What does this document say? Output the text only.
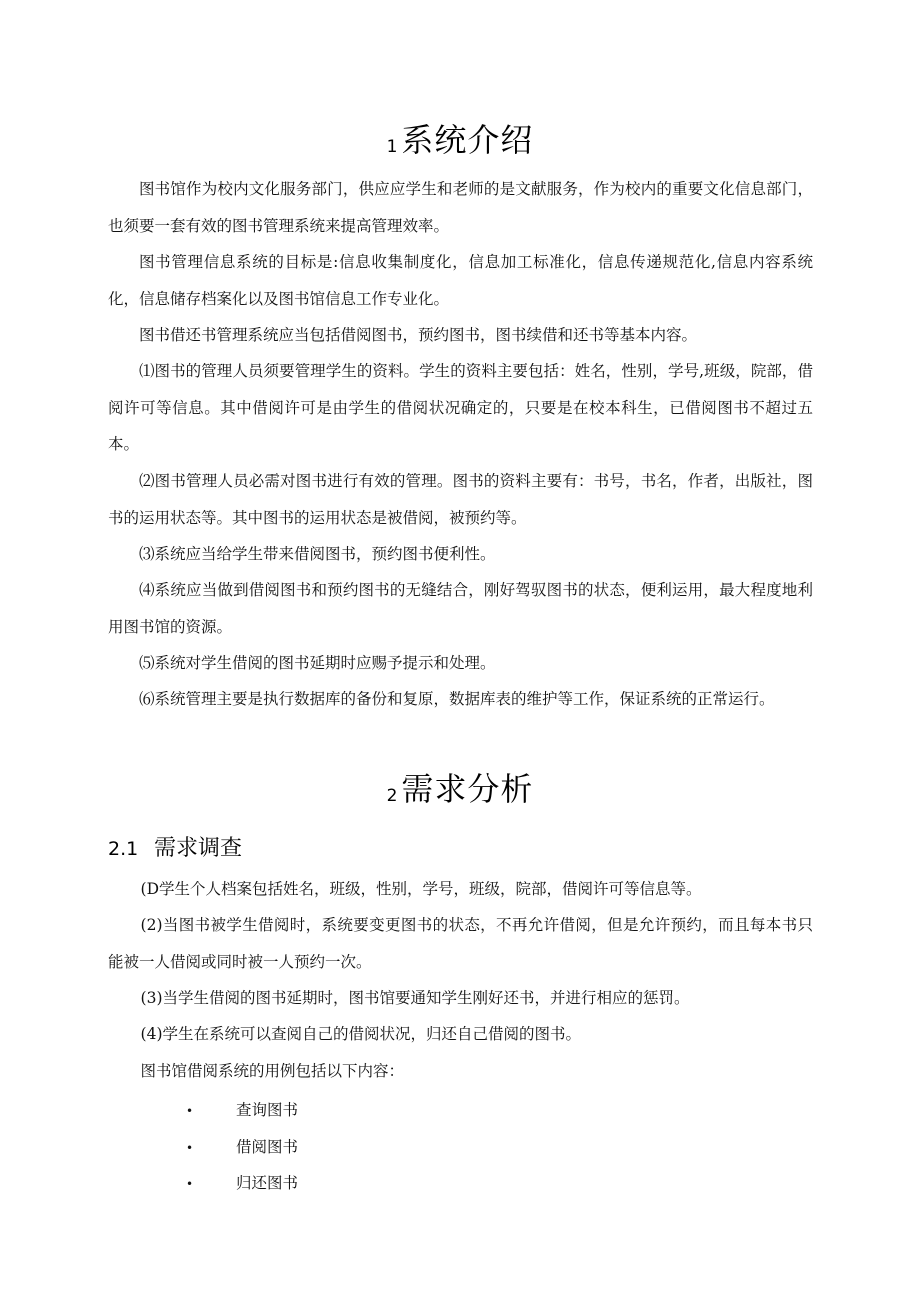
1系统介绍

图书馆作为校内文化服务部门，供应应学生和老师的是文献服务，作为校内的重要文化信息部门，也须要一套有效的图书管理系统来提高管理效率。

图书管理信息系统的目标是:信息收集制度化，信息加工标准化，信息传递规范化,信息内容系统化，信息储存档案化以及图书馆信息工作专业化。

图书借还书管理系统应当包括借阅图书，预约图书，图书续借和还书等基本内容。

⑴图书的管理人员须要管理学生的资料。学生的资料主要包括：姓名，性别，学号,班级，院部，借阅许可等信息。其中借阅许可是由学生的借阅状况确定的，只要是在校本科生，已借阅图书不超过五本。

⑵图书管理人员必需对图书进行有效的管理。图书的资料主要有：书号，书名，作者，出版社，图书的运用状态等。其中图书的运用状态是被借阅，被预约等。

⑶系统应当给学生带来借阅图书，预约图书便利性。

⑷系统应当做到借阅图书和预约图书的无缝结合，刚好驾驭图书的状态，便利运用，最大程度地利用图书馆的资源。

⑸系统对学生借阅的图书延期时应赐予提示和处理。

⑹系统管理主要是执行数据库的备份和复原，数据库表的维护等工作，保证系统的正常运行。

2需求分析
2.1 需求调查

(D学生个人档案包括姓名，班级，性别，学号，班级，院部，借阅许可等信息等。

(2)当图书被学生借阅时，系统要变更图书的状态，不再允许借阅，但是允许预约，而且每本书只能被一人借阅或同时被一人预约一次。

(3)当学生借阅的图书延期时，图书馆要通知学生刚好还书，并进行相应的惩罚。

(4)学生在系统可以查阅自己的借阅状况，归还自己借阅的图书。

图书馆借阅系统的用例包括以下内容：

•	查询图书
•	借阅图书
•	归还图书
